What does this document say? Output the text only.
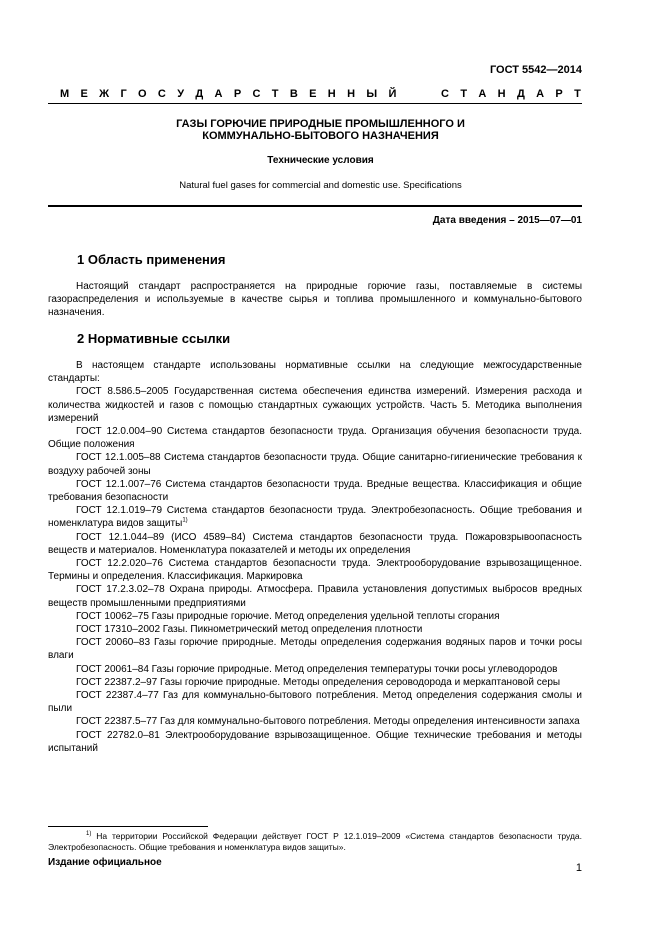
ГОСТ 5542—2014
М Е Ж Г О С У Д А Р С Т В Е Н Н Ы Й	С Т А Н Д А Р Т
ГАЗЫ ГОРЮЧИЕ ПРИРОДНЫЕ ПРОМЫШЛЕННОГО И
КОММУНАЛЬНО-БЫТОВОГО НАЗНАЧЕНИЯ
Технические условия
Natural fuel gases for commercial and domestic use. Specifications
Дата введения – 2015—07—01
1 Область применения

Настоящий стандарт распространяется на природные горючие газы, поставляемые в системы газораспределения и используемые в качестве сырья и топлива промышленного и коммунально-бытового назначения.

2 Нормативные ссылки

В настоящем стандарте использованы нормативные ссылки на следующие межгосударственные стандарты:

ГОСТ 8.586.5–2005 Государственная система обеспечения единства измерений. Измерения расхода и количества жидкостей и газов с помощью стандартных сужающих устройств. Часть 5. Методика выполнения измерений

ГОСТ 12.0.004–90 Система стандартов безопасности труда. Организация обучения безопасности труда. Общие положения

ГОСТ 12.1.005–88 Система стандартов безопасности труда. Общие санитарно-гигиенические требования к воздуху рабочей зоны

ГОСТ 12.1.007–76 Система стандартов безопасности труда. Вредные вещества. Классификация и общие требования безопасности

ГОСТ 12.1.019–79 Система стандартов безопасности труда. Электробезопасность. Общие требования и номенклатура видов защиты$^{1)}$

ГОСТ 12.1.044–89 (ИСО 4589–84) Система стандартов безопасности труда. Пожаровзрывоопасность веществ и материалов. Номенклатура показателей и методы их определения

ГОСТ 12.2.020–76 Система стандартов безопасности труда. Электрооборудование взрывозащищенное. Термины и определения. Классификация. Маркировка

ГОСТ 17.2.3.02–78 Охрана природы. Атмосфера. Правила установления допустимых выбросов вредных веществ промышленными предприятиями

ГОСТ 10062–75 Газы природные горючие. Метод определения удельной теплоты сгорания

ГОСТ 17310–2002 Газы. Пикнометрический метод определения плотности

ГОСТ 20060–83 Газы горючие природные. Методы определения содержания водяных паров и точки росы влаги

ГОСТ 20061–84 Газы горючие природные. Метод определения температуры точки росы углеводородов

ГОСТ 22387.2–97 Газы горючие природные. Методы определения сероводорода и меркаптановой серы

ГОСТ 22387.4–77 Газ для коммунально-бытового потребления. Метод определения содержания смолы и пыли

ГОСТ 22387.5–77 Газ для коммунально-бытового потребления. Методы определения интенсивности запаха

ГОСТ 22782.0–81 Электрооборудование взрывозащищенное. Общие технические требования и методы испытаний

$^{1)}$ На территории Российской Федерации действует ГОСТ Р 12.1.019–2009 «Система стандартов безопасности труда. Электробезопасность. Общие требования и номенклатура видов защиты».
Издание официальное	1
